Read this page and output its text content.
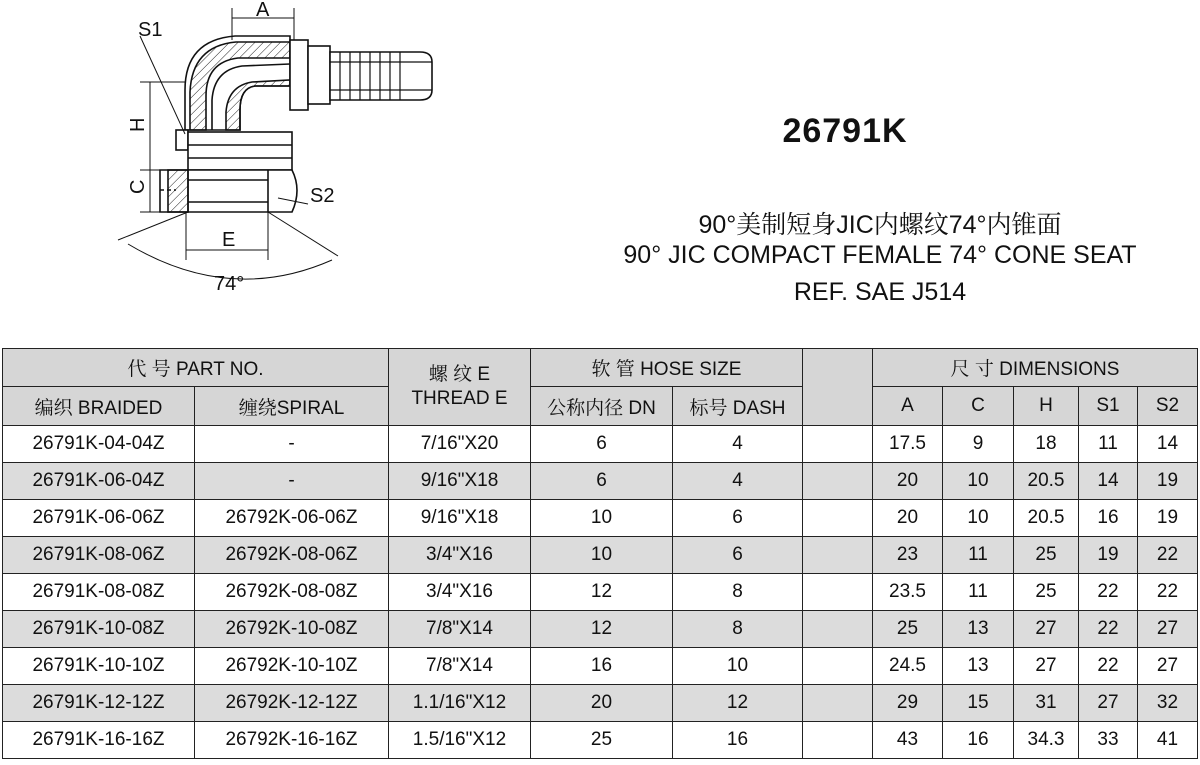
A
S1
H
C	S2
E
74°
26791K
90°美制短身JIC内螺纹74°内锥面
90° JIC COMPACT FEMALE 74° CONE SEAT
REF. SAE J514
代 号 PART NO.		螺 纹 E
THREAD E	软 管 HOSE SIZE			尺 寸 DIMENSIONS				
编织 BRAIDED	缠绕SPIRAL		公称内径 DN	标号 DASH		A	C	H	S1	S2
26791K-04-04Z	-	7/16"X20	6	4		17.5	9	18	11	14
26791K-06-04Z	-	9/16"X18	6	4		20	10	20.5	14	19
26791K-06-06Z	26792K-06-06Z	9/16"X18	10	6		20	10	20.5	16	19
26791K-08-06Z	26792K-08-06Z	3/4"X16	10	6		23	11	25	19	22
26791K-08-08Z	26792K-08-08Z	3/4"X16	12	8		23.5	11	25	22	22
26791K-10-08Z	26792K-10-08Z	7/8"X14	12	8		25	13	27	22	27
26791K-10-10Z	26792K-10-10Z	7/8"X14	16	10		24.5	13	27	22	27
26791K-12-12Z	26792K-12-12Z	1.1/16"X12	20	12		29	15	31	27	32
26791K-16-16Z	26792K-16-16Z	1.5/16"X12	25	16		43	16	34.3	33	41
